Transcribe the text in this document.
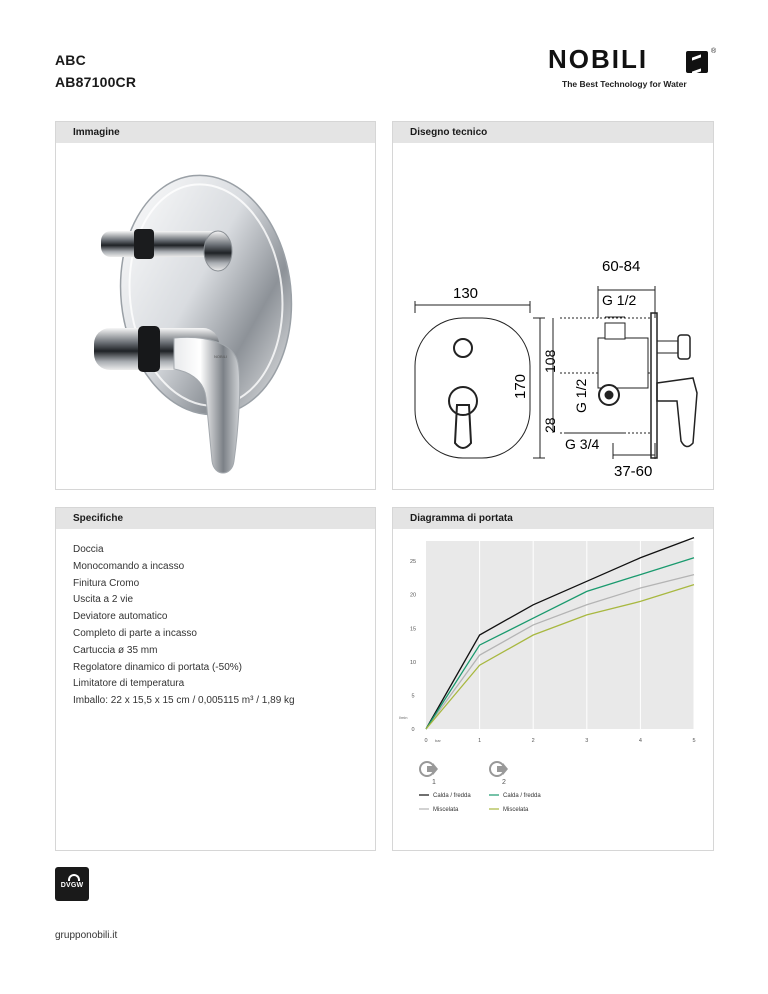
ABC
AB87100CR
NOBILI	®
The Best Technology for Water
Immagine
NOBILI
Disegno tecnico
130
170
60-84
G 1/2
108
G 1/2
28
G 3/4
37-60
Specifiche
Doccia
Monocomando a incasso
Finitura Cromo
Uscita a 2 vie
Deviatore automatico
Completo di parte a incasso
Cartuccia ø 35 mm
Regolatore dinamico di portata (-50%)
Limitatore di temperatura
Imballo: 22 x 15,5 x 15 cm / 0,005115 m³ / 1,89 kg
Diagramma di portata
0
5
10
15
20
25
0	1	2	3	4	5
l/min
bar
1	2
Calda / fredda	Calda / fredda
Miscelata	Miscelata
DVGW
gruppon​obili.it
